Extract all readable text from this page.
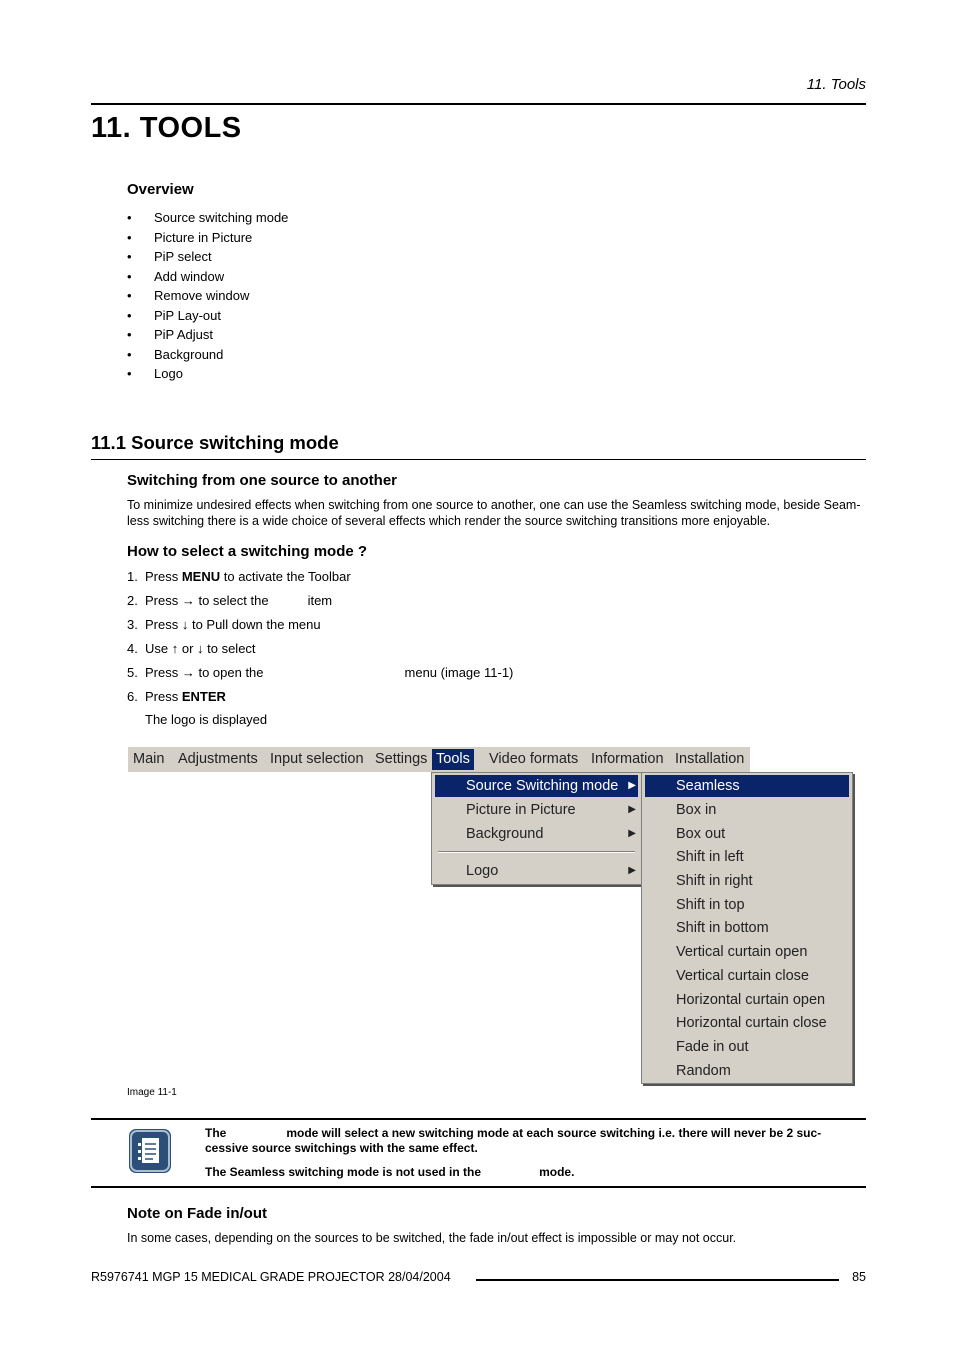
11. Tools
11. TOOLS
Overview
• Source switching mode
• Picture in Picture
• PiP select
• Add window
• Remove window
• PiP Lay-out
• PiP Adjust
• Background
• Logo
11.1 Source switching mode
Switching from one source to another
To minimize undesired effects when switching from one source to another, one can use the Seamless switching mode, beside Seam-
less switching there is a wide choice of several effects which render the source switching transitions more enjoyable.
How to select a switching mode ?
1. Press MENU to activate the Toolbar
2. Press → to select the	item
3. Press ↓ to Pull down the menu
4. Use ↑ or ↓ to select
5. Press → to open the	menu (image 11-1)
6. Press ENTER
The logo is displayed
Main Adjustments Input selection Settings Tools Video formats Information Installation
Source Switching mode ▶
Picture in Picture	▶
Background	▶
Logo	▶
Seamless
Box in
Box out
Shift in left
Shift in right
Shift in top
Shift in bottom
Vertical curtain open
Vertical curtain close
Horizontal curtain open
Horizontal curtain close
Fade in out
Random
Image 11-1
The	mode will select a new switching mode at each source switching i.e. there will never be 2 suc-
cessive source switchings with the same effect.
The Seamless switching mode is not used in the	mode.
Note on Fade in/out
In some cases, depending on the sources to be switched, the fade in/out effect is impossible or may not occur.
R5976741 MGP 15 MEDICAL GRADE PROJECTOR 28/04/2004	85
